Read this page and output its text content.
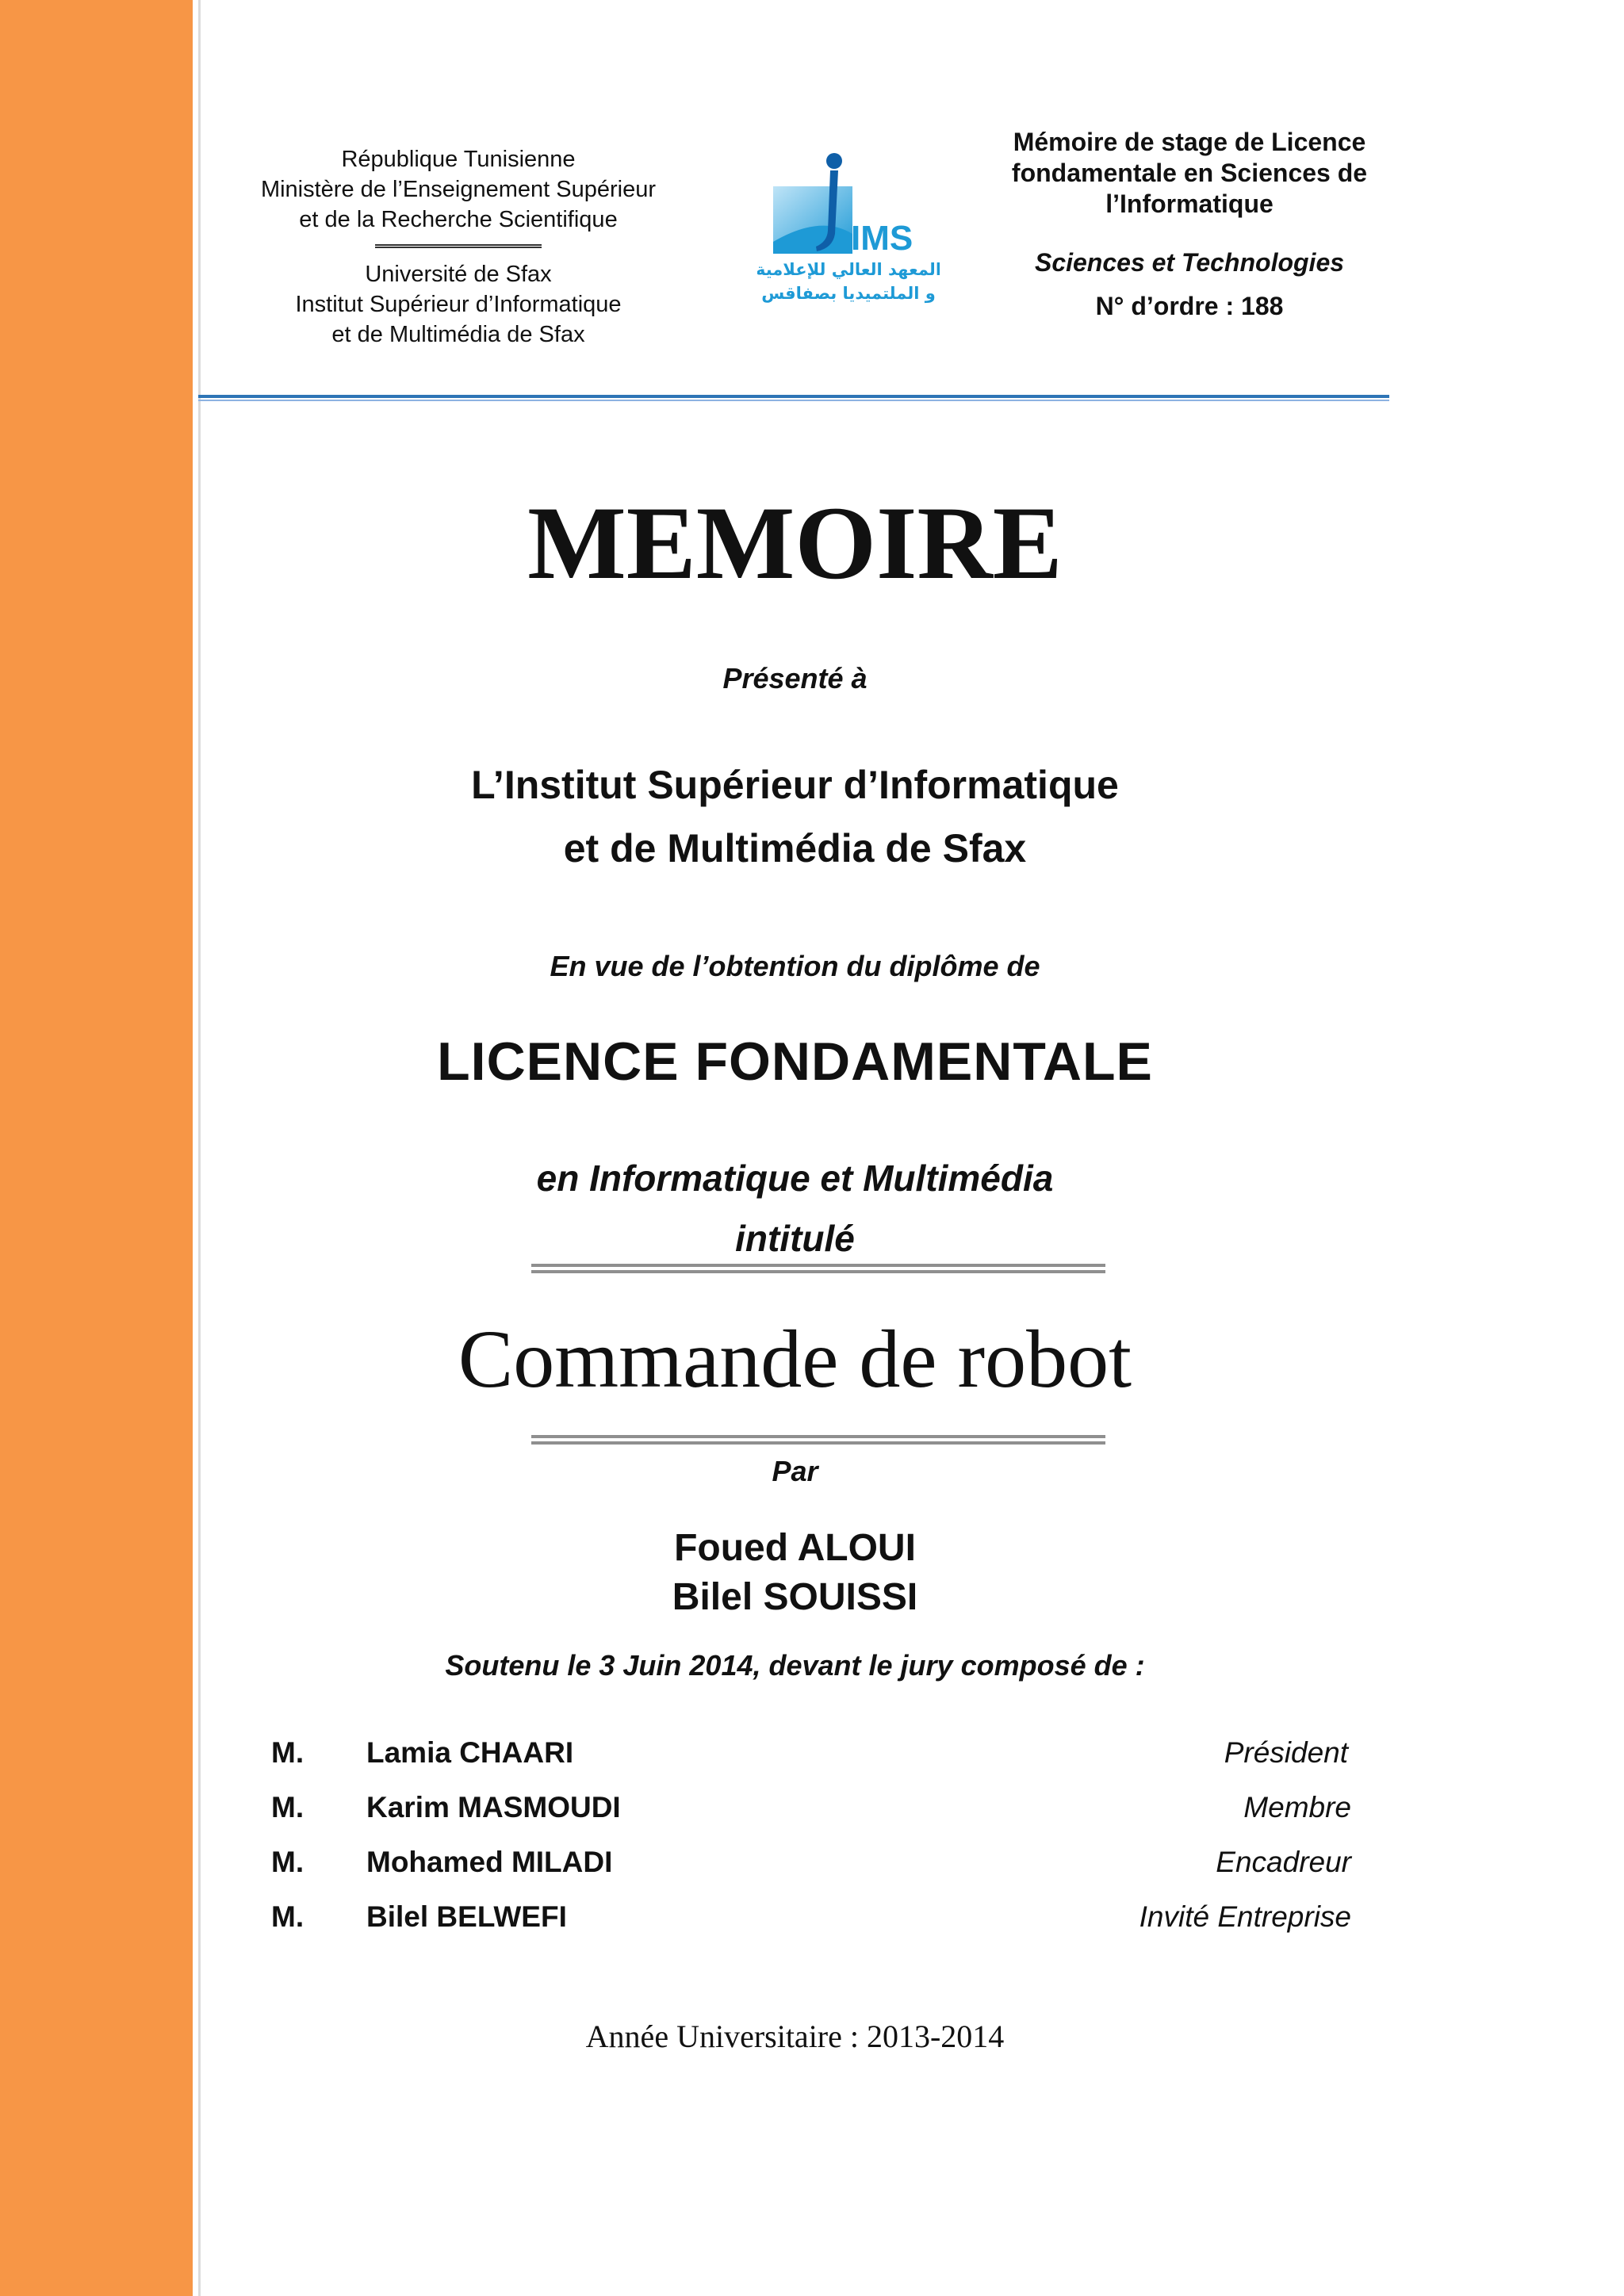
République Tunisienne
Ministère de l’Enseignement Supérieur
et de la Recherche Scientifique
Université de Sfax
Institut Supérieur d’Informatique
et de Multimédia de Sfax
IMS
المعهد العالي للإعلامية
و الملتميديا بصفاقس
Mémoire de stage de Licence
fondamentale en Sciences de
l’Informatique
Sciences et Technologies
N° d’ordre : 188
MEMOIRE
Présenté à
L’Institut Supérieur d’Informatique
et de Multimédia de Sfax
En vue de l’obtention du diplôme de
LICENCE FONDAMENTALE
en Informatique et Multimédia
intitulé
Commande de robot
Par
Foued ALOUI
Bilel SOUISSI
Soutenu le 3 Juin 2014, devant le jury composé de :
M. Lamia CHAARI	Président
M. Karim MASMOUDI	Membre
M. Mohamed MILADI	Encadreur
M. Bilel BELWEFI	Invité Entreprise
Année Universitaire : 2013-2014
